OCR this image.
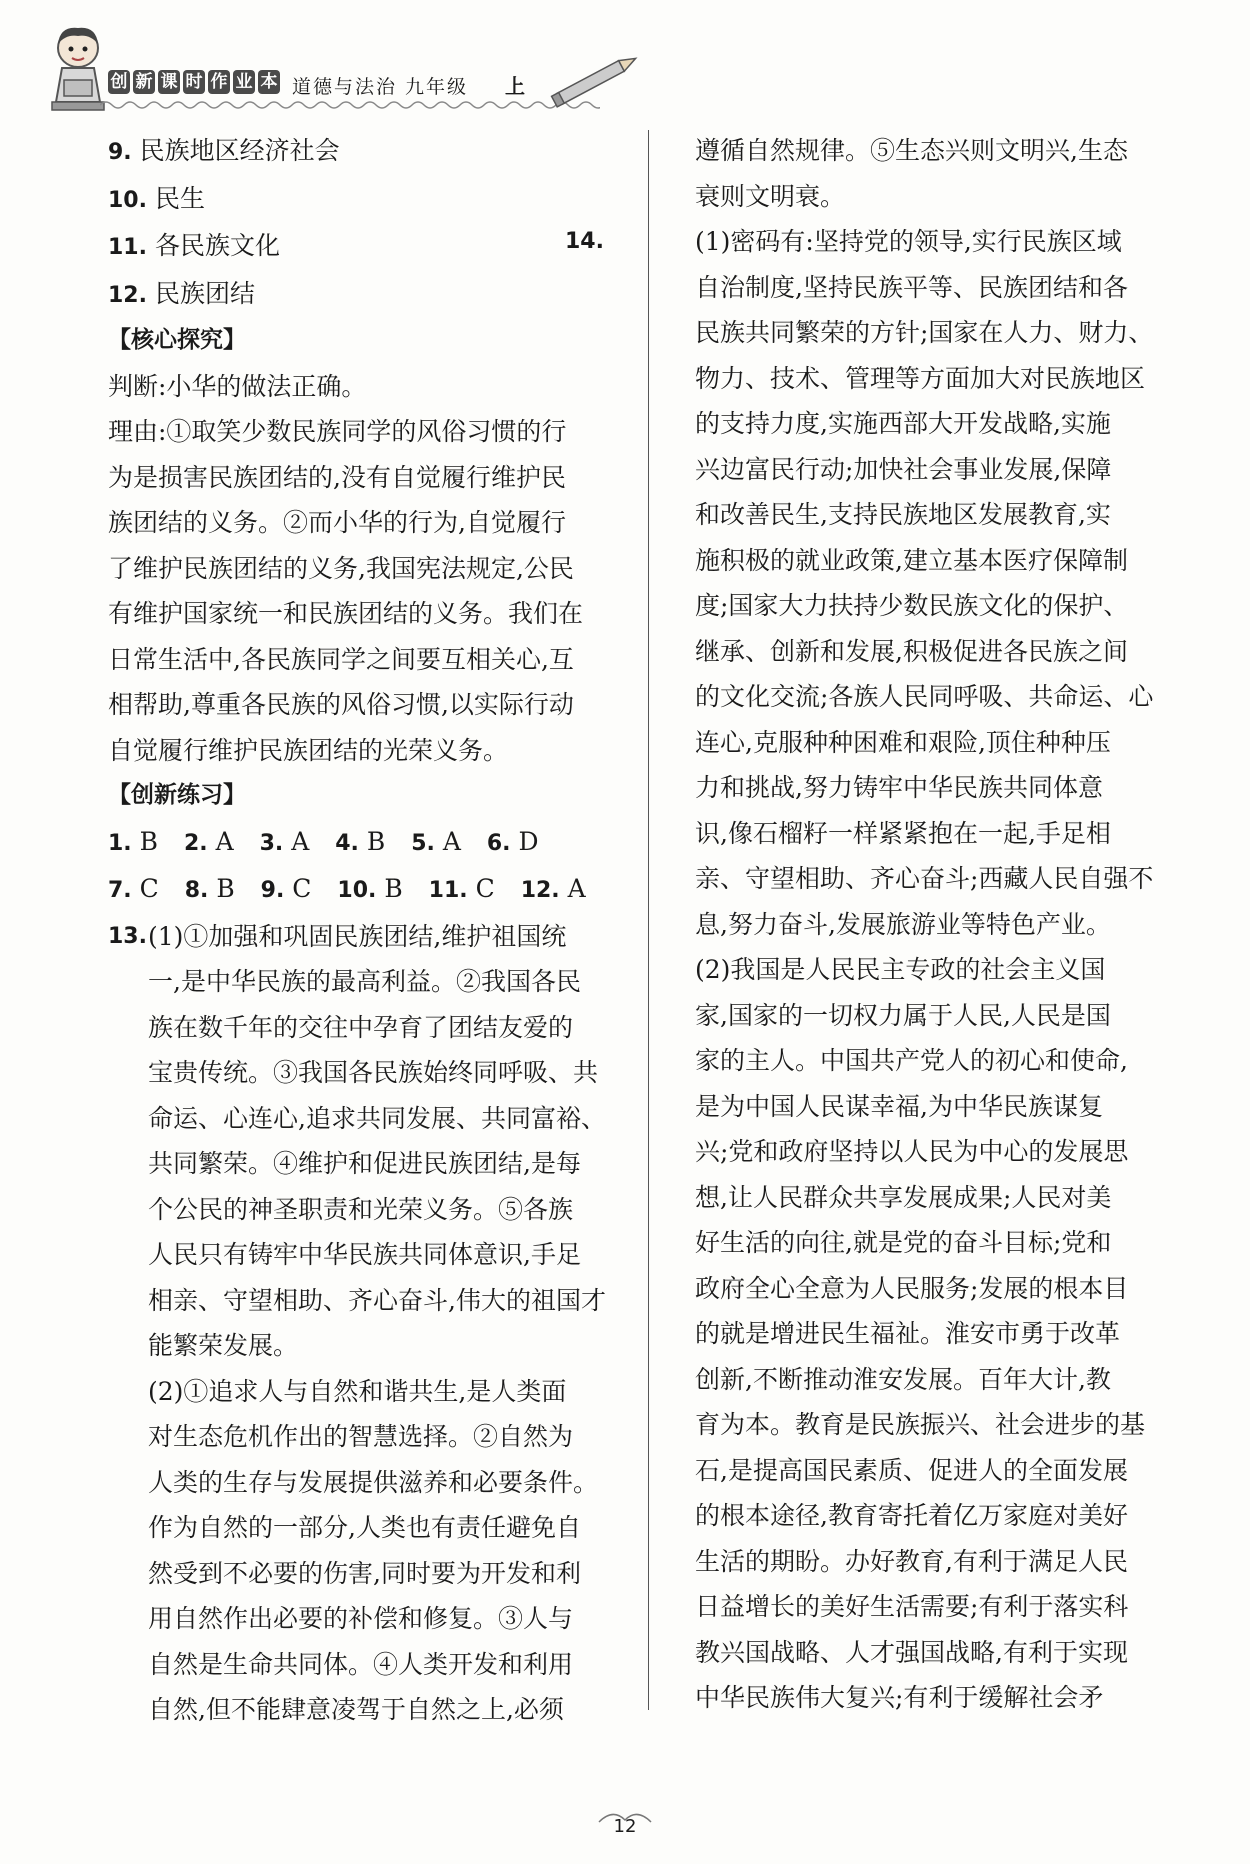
创 新 课 时 作 业 本 道德与法治 九年级 上
9. 民族地区经济社会
10. 民生
11. 各民族文化
12. 民族团结
【核心探究】
判断:小华的做法正确。
理由:①取笑少数民族同学的风俗习惯的行
为是损害民族团结的,没有自觉履行维护民
族团结的义务。②而小华的行为,自觉履行
了维护民族团结的义务,我国宪法规定,公民
有维护国家统一和民族团结的义务。我们在
日常生活中,各民族同学之间要互相关心,互
相帮助,尊重各民族的风俗习惯,以实际行动
自觉履行维护民族团结的光荣义务。
【创新练习】
1. B 2. A 3. A 4. B 5. A 6. D
7. C 8. B 9. C 10. B 11. C 12. A
13. (1)①加强和巩固民族团结,维护祖国统
一,是中华民族的最高利益。②我国各民
族在数千年的交往中孕育了团结友爱的
宝贵传统。③我国各民族始终同呼吸、共
命运、心连心,追求共同发展、共同富裕、
共同繁荣。④维护和促进民族团结,是每
个公民的神圣职责和光荣义务。⑤各族
人民只有铸牢中华民族共同体意识,手足
相亲、守望相助、齐心奋斗,伟大的祖国才
能繁荣发展。
(2)①追求人与自然和谐共生,是人类面
对生态危机作出的智慧选择。②自然为
人类的生存与发展提供滋养和必要条件。
作为自然的一部分,人类也有责任避免自
然受到不必要的伤害,同时要为开发和利
用自然作出必要的补偿和修复。③人与
自然是生命共同体。④人类开发和利用
自然,但不能肆意凌驾于自然之上,必须
遵循自然规律。⑤生态兴则文明兴,生态
衰则文明衰。
14.	(1)密码有:坚持党的领导,实行民族区域
自治制度,坚持民族平等、民族团结和各
民族共同繁荣的方针;国家在人力、财力、
物力、技术、管理等方面加大对民族地区
的支持力度,实施西部大开发战略,实施
兴边富民行动;加快社会事业发展,保障
和改善民生,支持民族地区发展教育,实
施积极的就业政策,建立基本医疗保障制
度;国家大力扶持少数民族文化的保护、
继承、创新和发展,积极促进各民族之间
的文化交流;各族人民同呼吸、共命运、心
连心,克服种种困难和艰险,顶住种种压
力和挑战,努力铸牢中华民族共同体意
识,像石榴籽一样紧紧抱在一起,手足相
亲、守望相助、齐心奋斗;西藏人民自强不
息,努力奋斗,发展旅游业等特色产业。
(2)我国是人民民主专政的社会主义国
家,国家的一切权力属于人民,人民是国
家的主人。中国共产党人的初心和使命,
是为中国人民谋幸福,为中华民族谋复
兴;党和政府坚持以人民为中心的发展思
想,让人民群众共享发展成果;人民对美
好生活的向往,就是党的奋斗目标;党和
政府全心全意为人民服务;发展的根本目
的就是增进民生福祉。淮安市勇于改革
创新,不断推动淮安发展。百年大计,教
育为本。教育是民族振兴、社会进步的基
石,是提高国民素质、促进人的全面发展
的根本途径,教育寄托着亿万家庭对美好
生活的期盼。办好教育,有利于满足人民
日益增长的美好生活需要;有利于落实科
教兴国战略、人才强国战略,有利于实现
中华民族伟大复兴;有利于缓解社会矛
12
